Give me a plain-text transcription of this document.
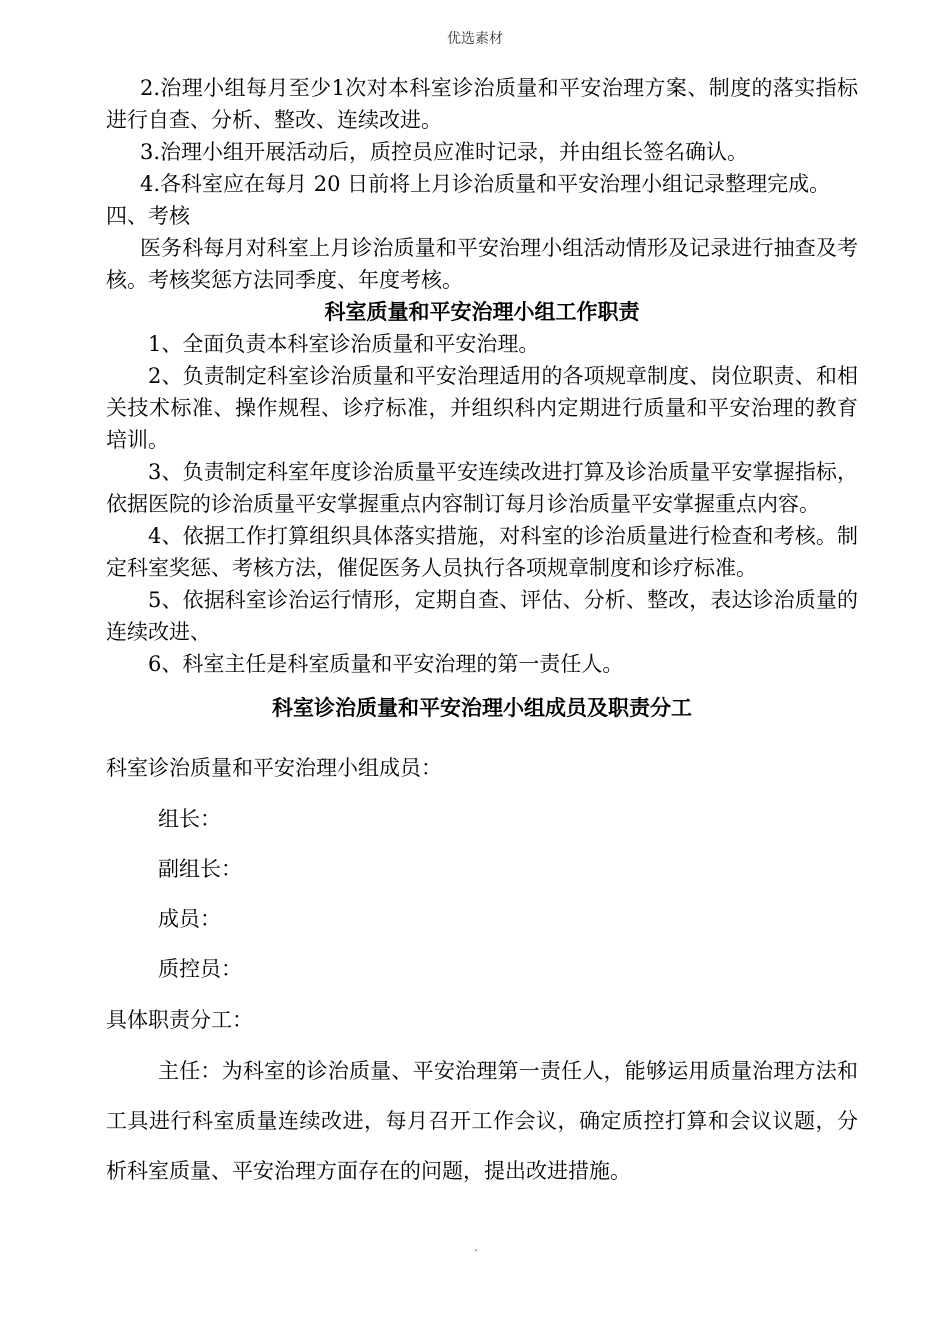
优选素材

2.治理小组每月至少1次对本科室诊治质量和平安治理方案、制度的落实指标进行自查、分析、整改、连续改进。

3.治理小组开展活动后，质控员应准时记录，并由组长签名确认。

4.各科室应在每月 20 日前将上月诊治质量和平安治理小组记录整理完成。

四、考核

医务科每月对科室上月诊治质量和平安治理小组活动情形及记录进行抽查及考核。考核奖惩方法同季度、年度考核。

科室质量和平安治理小组工作职责

1、全面负责本科室诊治质量和平安治理。

2、负责制定科室诊治质量和平安治理适用的各项规章制度、岗位职责、和相关技术标准、操作规程、诊疗标准，并组织科内定期进行质量和平安治理的教育培训。

3、负责制定科室年度诊治质量平安连续改进打算及诊治质量平安掌握指标，依据医院的诊治质量平安掌握重点内容制订每月诊治质量平安掌握重点内容。

4、依据工作打算组织具体落实措施，对科室的诊治质量进行检查和考核。制定科室奖惩、考核方法，催促医务人员执行各项规章制度和诊疗标准。

5、依据科室诊治运行情形，定期自查、评估、分析、整改，表达诊治质量的连续改进、

6、科室主任是科室质量和平安治理的第一责任人。

科室诊治质量和平安治理小组成员及职责分工

科室诊治质量和平安治理小组成员：

组长：

副组长：

成员：

质控员：

具体职责分工：

主任：为科室的诊治质量、平安治理第一责任人，能够运用质量治理方法和工具进行科室质量连续改进，每月召开工作会议，确定质控打算和会议议题，分析科室质量、平安治理方面存在的问题，提出改进措施。

.
